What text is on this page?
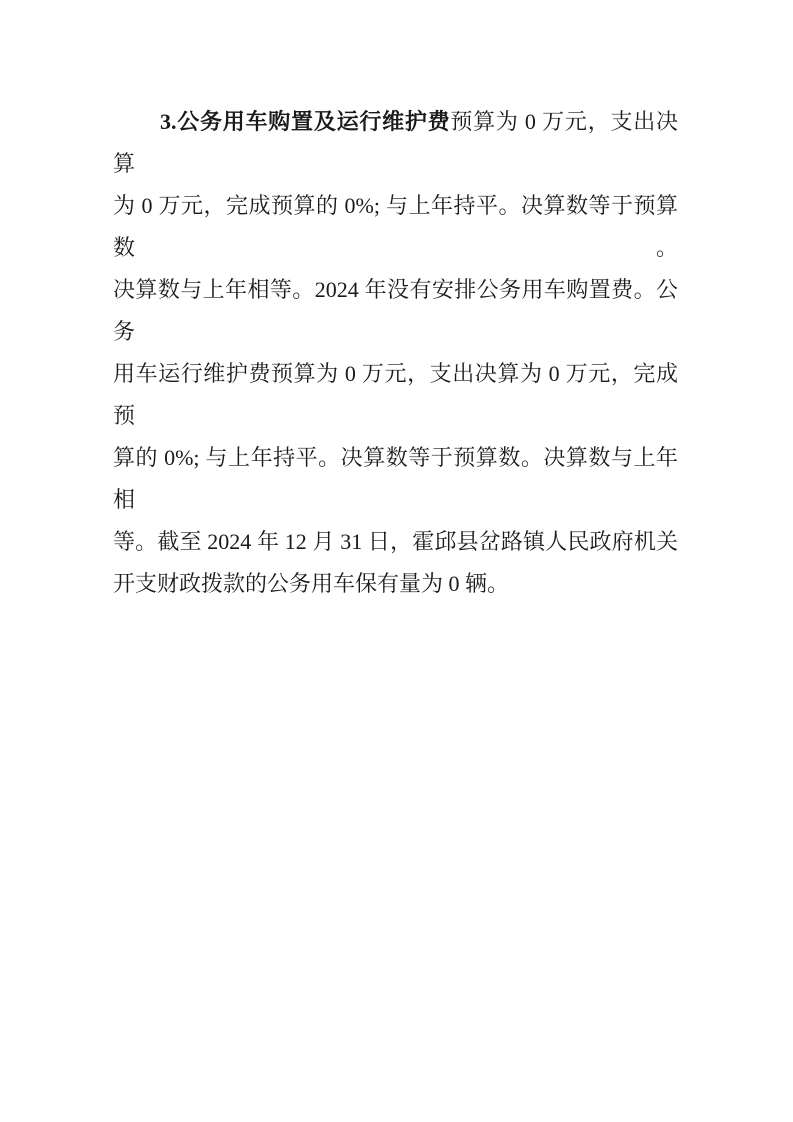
3.公务用车购置及运行维护费预算为 0 万元，支出决算
为 0 万元，完成预算的 0%; 与上年持平。决算数等于预算数。
决算数与上年相等。2024 年没有安排公务用车购置费。公务
用车运行维护费预算为 0 万元，支出决算为 0 万元，完成预
算的 0%; 与上年持平。决算数等于预算数。决算数与上年相
等。截至 2024 年 12 月 31 日，霍邱县岔路镇人民政府机关
开支财政拨款的公务用车保有量为 0 辆。
